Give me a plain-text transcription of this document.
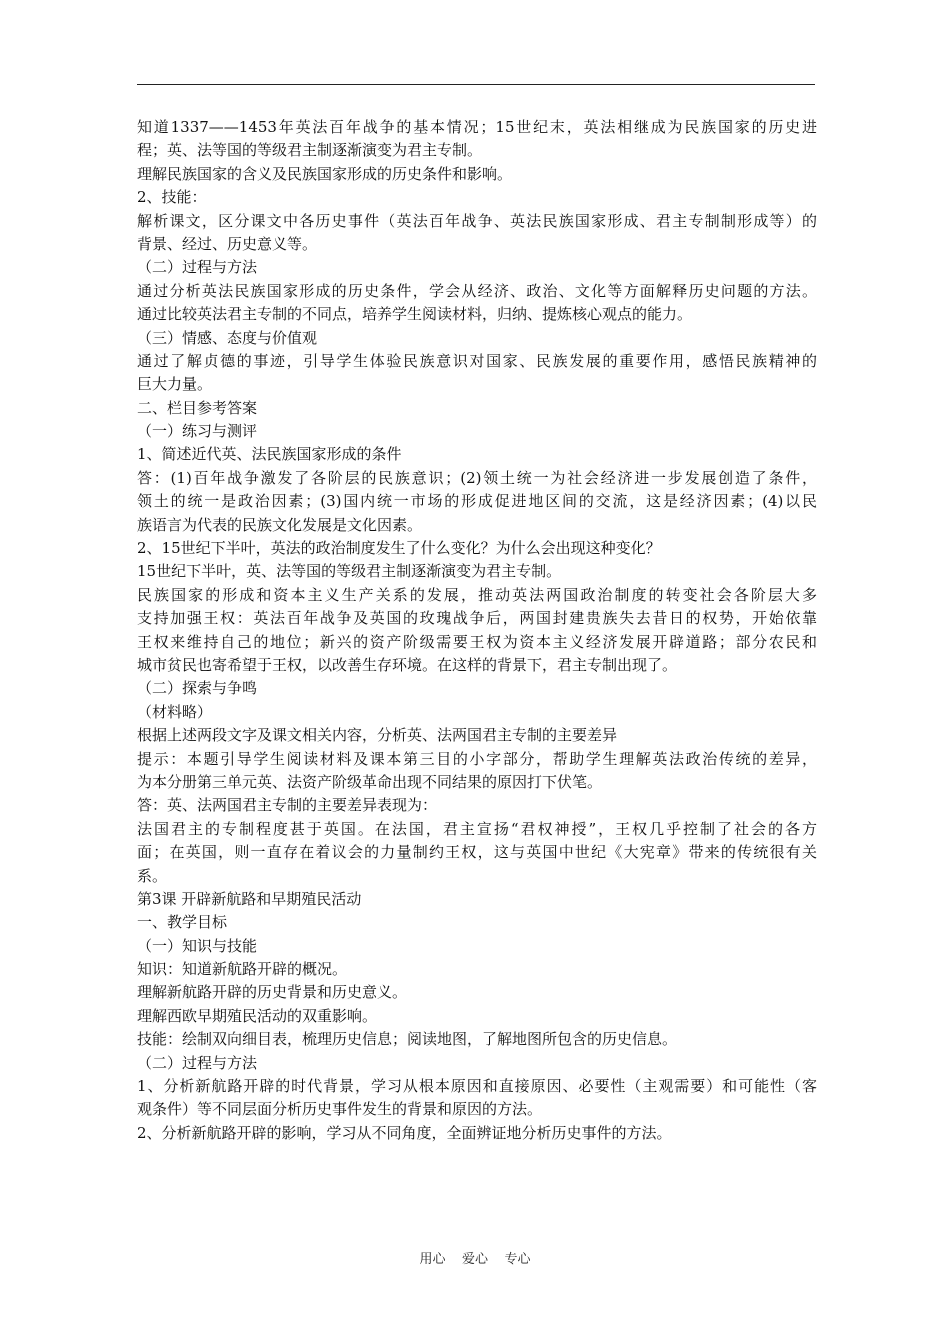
知道1337——1453年英法百年战争的基本情况；15世纪末，英法相继成为民族国家的历史进
程；英、法等国的等级君主制逐渐演变为君主专制。
理解民族国家的含义及民族国家形成的历史条件和影响。
2、技能：
解析课文，区分课文中各历史事件（英法百年战争、英法民族国家形成、君主专制制形成等）的
背景、经过、历史意义等。
（二）过程与方法
通过分析英法民族国家形成的历史条件，学会从经济、政治、文化等方面解释历史问题的方法。
通过比较英法君主专制的不同点，培养学生阅读材料，归纳、提炼核心观点的能力。
（三）情感、态度与价值观
通过了解贞德的事迹，引导学生体验民族意识对国家、民族发展的重要作用，感悟民族精神的
巨大力量。
二、栏目参考答案
（一）练习与测评
1、简述近代英、法民族国家形成的条件
答：(1)百年战争激发了各阶层的民族意识；(2)领土统一为社会经济进一步发展创造了条件，
领土的统一是政治因素；(3)国内统一市场的形成促进地区间的交流，这是经济因素；(4)以民
族语言为代表的民族文化发展是文化因素。
2、15世纪下半叶，英法的政治制度发生了什么变化？为什么会出现这种变化？
15世纪下半叶，英、法等国的等级君主制逐渐演变为君主专制。
民族国家的形成和资本主义生产关系的发展，推动英法两国政治制度的转变社会各阶层大多
支持加强王权：英法百年战争及英国的玫瑰战争后，两国封建贵族失去昔日的权势，开始依靠
王权来维持自己的地位；新兴的资产阶级需要王权为资本主义经济发展开辟道路；部分农民和
城市贫民也寄希望于王权，以改善生存环境。在这样的背景下，君主专制出现了。
（二）探索与争鸣
（材料略）
根据上述两段文字及课文相关内容，分析英、法两国君主专制的主要差异
提示：本题引导学生阅读材料及课本第三目的小字部分，帮助学生理解英法政治传统的差异，
为本分册第三单元英、法资产阶级革命出现不同结果的原因打下伏笔。
答：英、法两国君主专制的主要差异表现为：
法国君主的专制程度甚于英国。在法国，君主宣扬“君权神授”，王权几乎控制了社会的各方
面；在英国，则一直存在着议会的力量制约王权，这与英国中世纪《大宪章》带来的传统很有关
系。
第3课 开辟新航路和早期殖民活动
一、教学目标
（一）知识与技能
知识：知道新航路开辟的概况。
理解新航路开辟的历史背景和历史意义。
理解西欧早期殖民活动的双重影响。
技能：绘制双向细目表，梳理历史信息；阅读地图，了解地图所包含的历史信息。
（二）过程与方法
1、分析新航路开辟的时代背景，学习从根本原因和直接原因、必要性（主观需要）和可能性（客
观条件）等不同层面分析历史事件发生的背景和原因的方法。
2、分析新航路开辟的影响，学习从不同角度，全面辨证地分析历史事件的方法。
用心    爱心    专心
